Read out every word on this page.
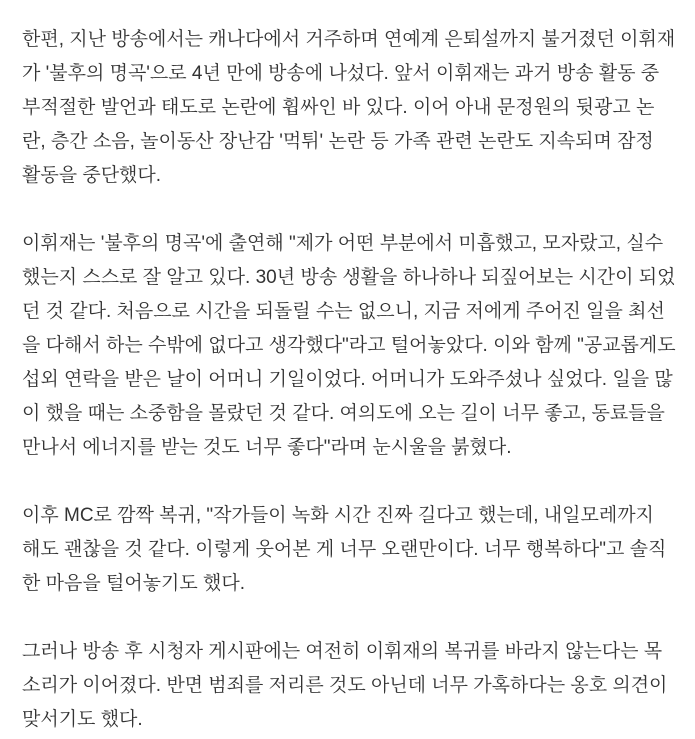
한편, 지난 방송에서는 캐나다에서 거주하며 연예계 은퇴설까지 불거졌던 이휘재가 '불후의 명곡'으로 4년 만에 방송에 나섰다. 앞서 이휘재는 과거 방송 활동 중 부적절한 발언과 태도로 논란에 휩싸인 바 있다. 이어 아내 문정원의 뒷광고 논란, 층간 소음, 놀이동산 장난감 '먹튀' 논란 등 가족 관련 논란도 지속되며 잠정 활동을 중단했다.

이휘재는 '불후의 명곡'에 출연해 "제가 어떤 부분에서 미흡했고, 모자랐고, 실수했는지 스스로 잘 알고 있다. 30년 방송 생활을 하나하나 되짚어보는 시간이 되었던 것 같다. 처음으로 시간을 되돌릴 수는 없으니, 지금 저에게 주어진 일을 최선을 다해서 하는 수밖에 없다고 생각했다"라고 털어놓았다. 이와 함께 "공교롭게도 섭외 연락을 받은 날이 어머니 기일이었다. 어머니가 도와주셨나 싶었다. 일을 많이 했을 때는 소중함을 몰랐던 것 같다. 여의도에 오는 길이 너무 좋고, 동료들을 만나서 에너지를 받는 것도 너무 좋다"라며 눈시울을 붉혔다.

이후 MC로 깜짝 복귀, "작가들이 녹화 시간 진짜 길다고 했는데, 내일모레까지 해도 괜찮을 것 같다. 이렇게 웃어본 게 너무 오랜만이다. 너무 행복하다"고 솔직한 마음을 털어놓기도 했다.

그러나 방송 후 시청자 게시판에는 여전히 이휘재의 복귀를 바라지 않는다는 목소리가 이어졌다. 반면 범죄를 저리른 것도 아닌데 너무 가혹하다는 옹호 의견이 맞서기도 했다.
